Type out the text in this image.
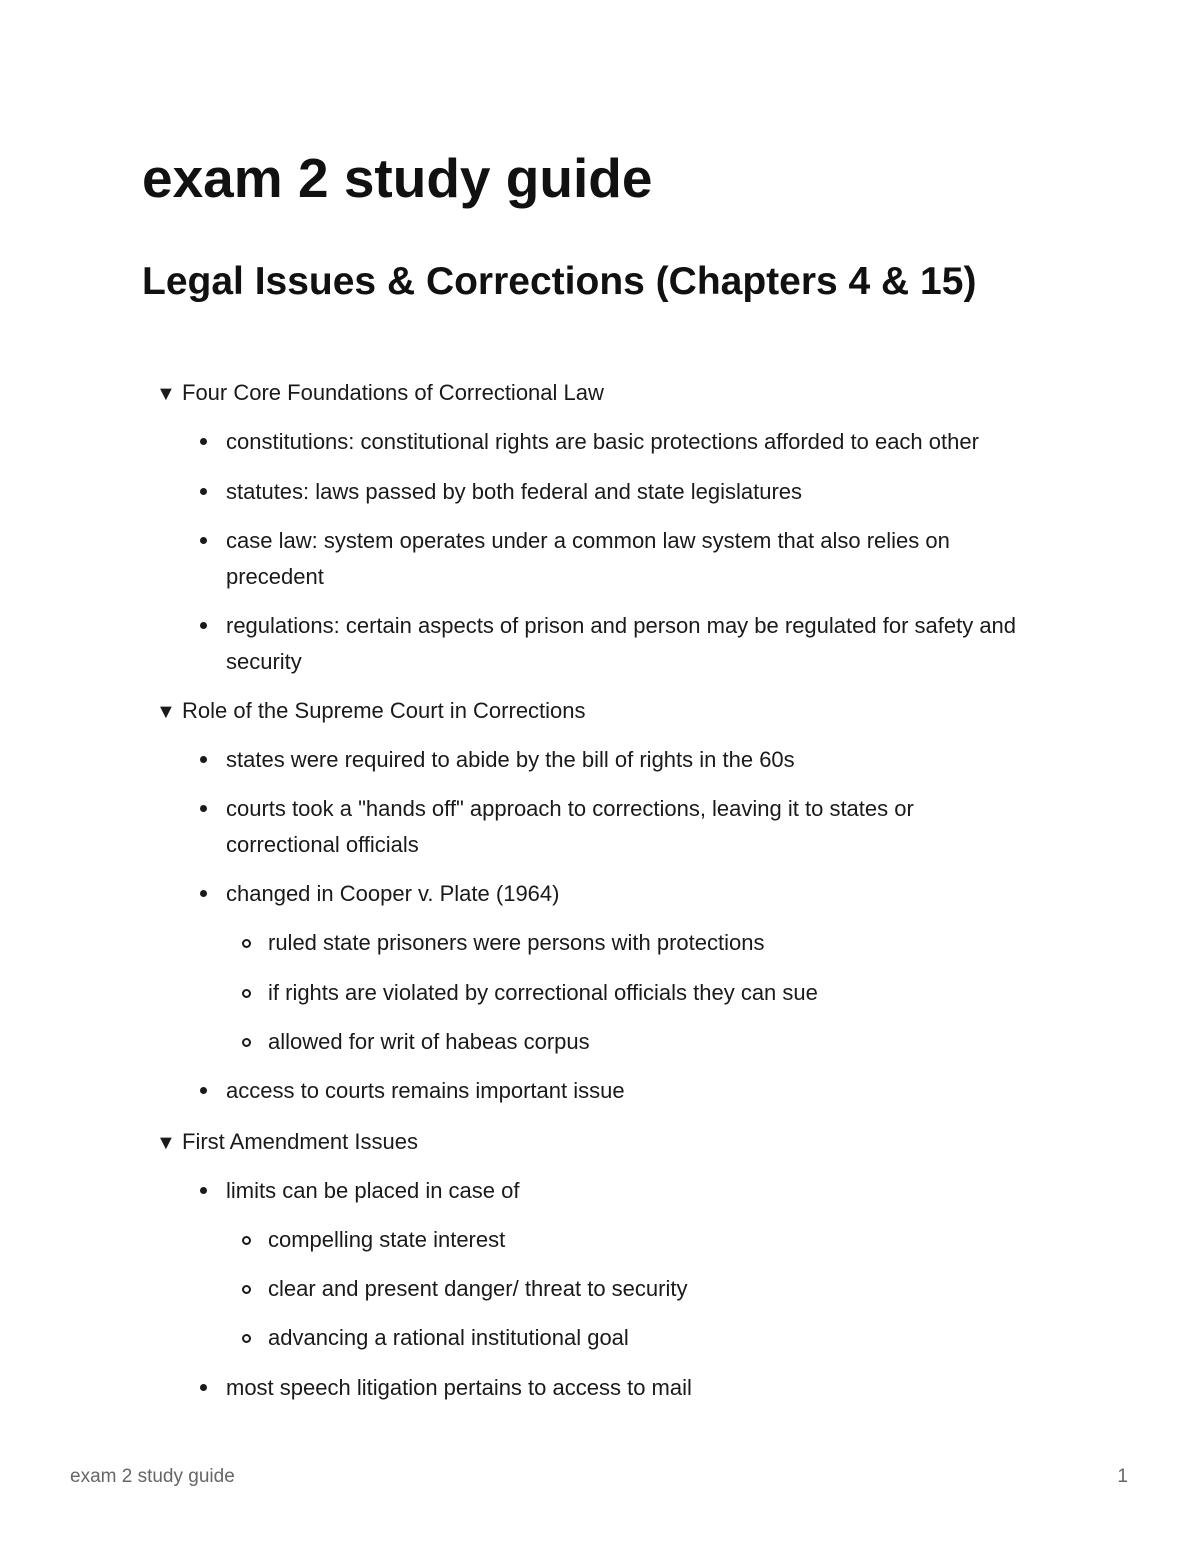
exam 2 study guide
Legal Issues & Corrections (Chapters 4 & 15)
▼ Four Core Foundations of Correctional Law
constitutions: constitutional rights are basic protections afforded to each other
statutes: laws passed by both federal and state legislatures
case law: system operates under a common law system that also relies on precedent
regulations: certain aspects of prison and person may be regulated for safety and security
▼ Role of the Supreme Court in Corrections
states were required to abide by the bill of rights in the 60s
courts took a "hands off" approach to corrections, leaving it to states or correctional officials
changed in Cooper v. Plate (1964)
ruled state prisoners were persons with protections
if rights are violated by correctional officials they can sue
allowed for writ of habeas corpus
access to courts remains important issue
▼ First Amendment Issues
limits can be placed in case of
compelling state interest
clear and present danger/ threat to security
advancing a rational institutional goal
most speech litigation pertains to access to mail
exam 2 study guide	1
